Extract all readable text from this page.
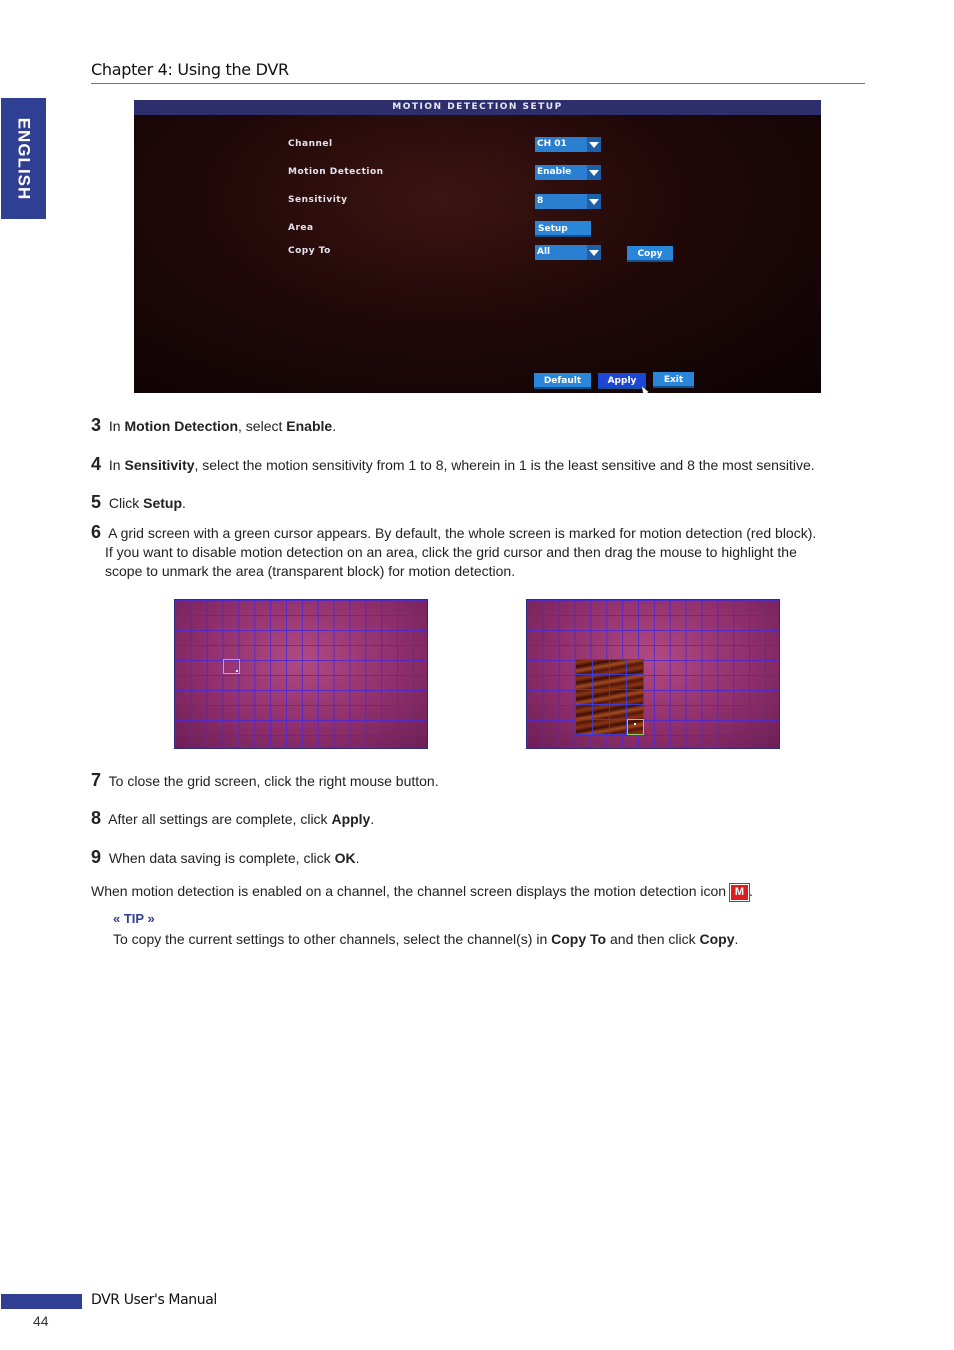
Chapter 4: Using the DVR
ENGLISH
MOTION DETECTION SETUP
Channel	CH 01
Motion Detection	Enable
Sensitivity	8
Area	Setup
Copy To	All	Copy
Default	Apply	Exit
3 In Motion Detection, select Enable.
4 In Sensitivity, select the motion sensitivity from 1 to 8, wherein in 1 is the least sensitive and 8 the most sensitive.
5 Click Setup.
6 A grid screen with a green cursor appears. By default, the whole screen is marked for motion detection (red block).
If you want to disable motion detection on an area, click the grid cursor and then drag the mouse to highlight the
scope to unmark the area (transparent block) for motion detection.
7 To close the grid screen, click the right mouse button.
8 After all settings are complete, click Apply.
9 When data saving is complete, click OK.
When motion detection is enabled on a channel, the channel screen displays the motion detection icon M .
« TIP »
To copy the current settings to other channels, select the channel(s) in Copy To and then click Copy.
DVR User's Manual
44
